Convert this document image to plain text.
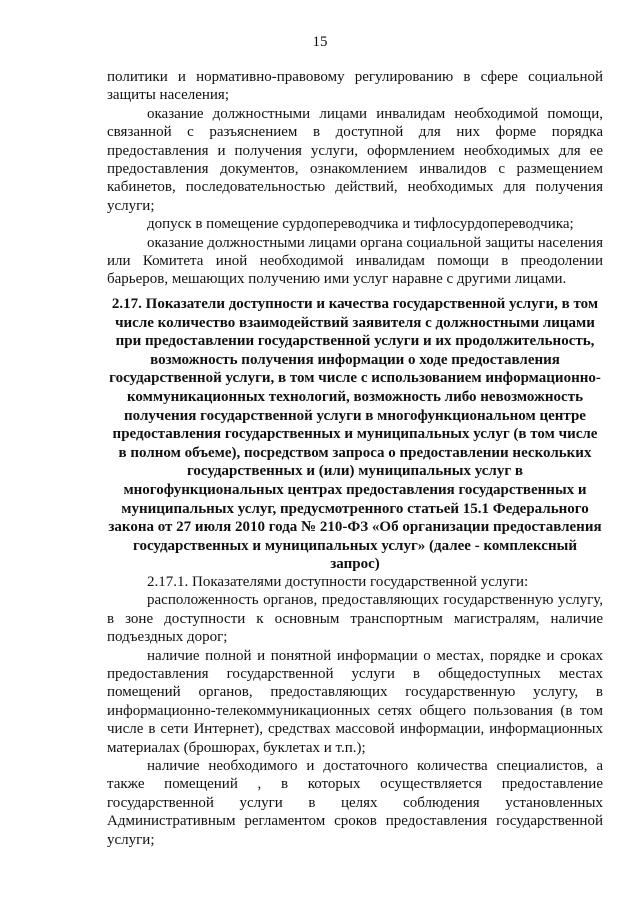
15

политики и нормативно-правовому регулированию в сфере социальной защиты населения;

оказание должностными лицами инвалидам необходимой помощи, связанной с разъяснением в доступной для них форме порядка предоставления и получения услуги, оформлением необходимых для ее предоставления документов, ознакомлением инвалидов с размещением кабинетов, последовательностью действий, необходимых для получения услуги;

допуск в помещение сурдопереводчика и тифлосурдопереводчика;

оказание должностными лицами органа социальной защиты населения или Комитета иной необходимой инвалидам помощи в преодолении барьеров, мешающих получению ими услуг наравне с другими лицами.

2.17. Показатели доступности и качества государственной услуги, в том числе количество взаимодействий заявителя с должностными лицами при предоставлении государственной услуги и их продолжительность, возможность получения информации о ходе предоставления государственной услуги, в том числе с использованием информационно-коммуникационных технологий, возможность либо невозможность получения государственной услуги в многофункциональном центре предоставления государственных и муниципальных услуг (в том числе в полном объеме), посредством запроса о предоставлении нескольких государственных и (или) муниципальных услуг в многофункциональных центрах предоставления государственных и муниципальных услуг, предусмотренного статьей 15.1 Федерального закона от 27 июля 2010 года № 210-ФЗ «Об организации предоставления государственных и муниципальных услуг» (далее - комплексный запрос)

2.17.1. Показателями доступности государственной услуги:

расположенность органов, предоставляющих государственную услугу, в зоне доступности к основным транспортным магистралям, наличие подъездных дорог;

наличие полной и понятной информации о местах, порядке и сроках предоставления государственной услуги в общедоступных местах помещений органов, предоставляющих государственную услугу, в информационно-телекоммуникационных сетях общего пользования (в том числе в сети Интернет), средствах массовой информации, информационных материалах (брошюрах, буклетах и т.п.);

наличие необходимого и достаточного количества специалистов, а также помещений , в которых осуществляется предоставление государственной услуги в целях соблюдения установленных Административным регламентом сроков предоставления государственной услуги;
